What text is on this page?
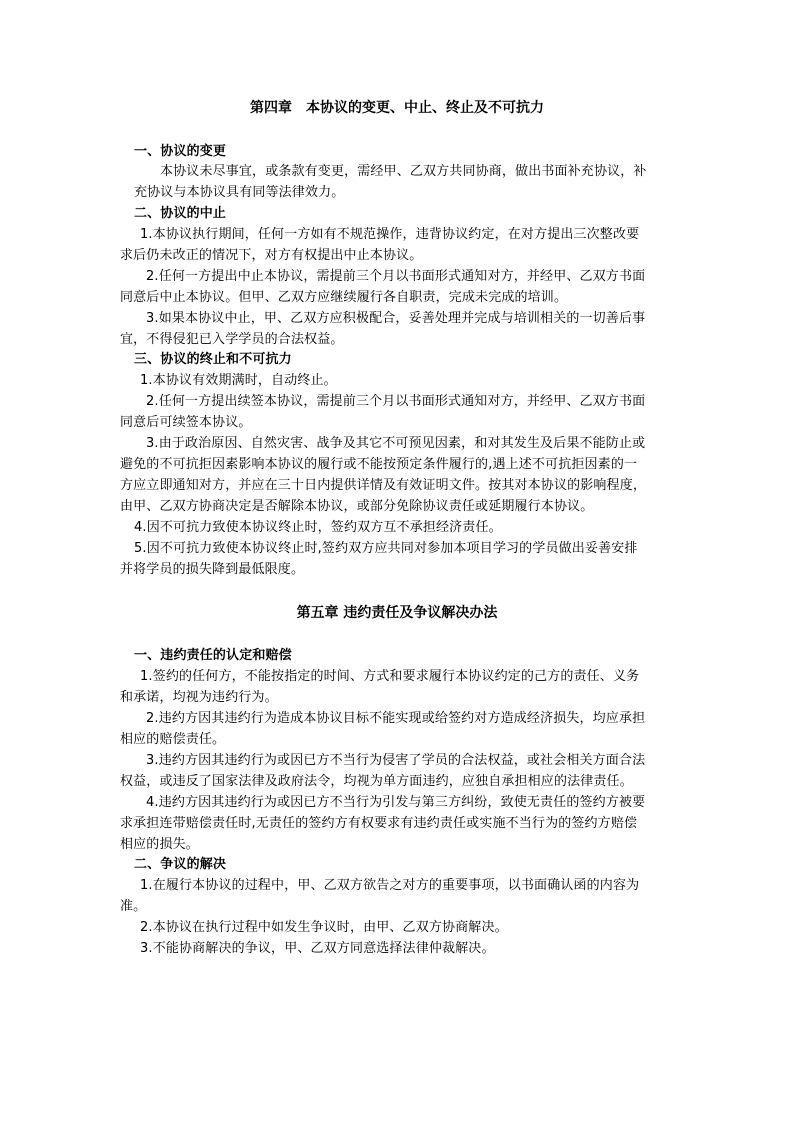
第四章　本协议的变更、中止、终止及不可抗力
一、协议的变更
本协议未尽事宜，或条款有变更，需经甲、乙双方共同协商，做出书面补充协议，补
充协议与本协议具有同等法律效力。
二、协议的中止
1.本协议执行期间，任何一方如有不规范操作，违背协议约定，在对方提出三次整改要
求后仍未改正的情况下，对方有权提出中止本协议。
2.任何一方提出中止本协议，需提前三个月以书面形式通知对方，并经甲、乙双方书面
同意后中止本协议。但甲、乙双方应继续履行各自职责，完成未完成的培训。
3.如果本协议中止，甲、乙双方应积极配合，妥善处理并完成与培训相关的一切善后事
宜，不得侵犯已入学学员的合法权益。
三、协议的终止和不可抗力
1.本协议有效期满时，自动终止。
2.任何一方提出续签本协议，需提前三个月以书面形式通知对方，并经甲、乙双方书面
同意后可续签本协议。
3.由于政治原因、自然灾害、战争及其它不可预见因素，和对其发生及后果不能防止或
避免的不可抗拒因素影响本协议的履行或不能按预定条件履行的,遇上述不可抗拒因素的一
方应立即通知对方，并应在三十日内提供详情及有效证明文件。按其对本协议的影响程度，
由甲、乙双方协商决定是否解除本协议，或部分免除协议责任或延期履行本协议。
4.因不可抗力致使本协议终止时，签约双方互不承担经济责任。
5.因不可抗力致使本协议终止时,签约双方应共同对参加本项目学习的学员做出妥善安排
并将学员的损失降到最低限度。
第五章 违约责任及争议解决办法
一、违约责任的认定和赔偿
1.签约的任何方，不能按指定的时间、方式和要求履行本协议约定的己方的责任、义务
和承诺，均视为违约行为。
2.违约方因其违约行为造成本协议目标不能实现或给签约对方造成经济损失，均应承担
相应的赔偿责任。
3.违约方因其违约行为或因已方不当行为侵害了学员的合法权益，或社会相关方面合法
权益，或违反了国家法律及政府法令，均视为单方面违约，应独自承担相应的法律责任。
4.违约方因其违约行为或因已方不当行为引发与第三方纠纷，致使无责任的签约方被要
求承担连带赔偿责任时,无责任的签约方有权要求有违约责任或实施不当行为的签约方赔偿
相应的损失。
二、争议的解决
1.在履行本协议的过程中，甲、乙双方欲告之对方的重要事项，以书面确认函的内容为
准。
2.本协议在执行过程中如发生争议时，由甲、乙双方协商解决。
3.不能协商解决的争议，甲、乙双方同意选择法律仲裁解决。
